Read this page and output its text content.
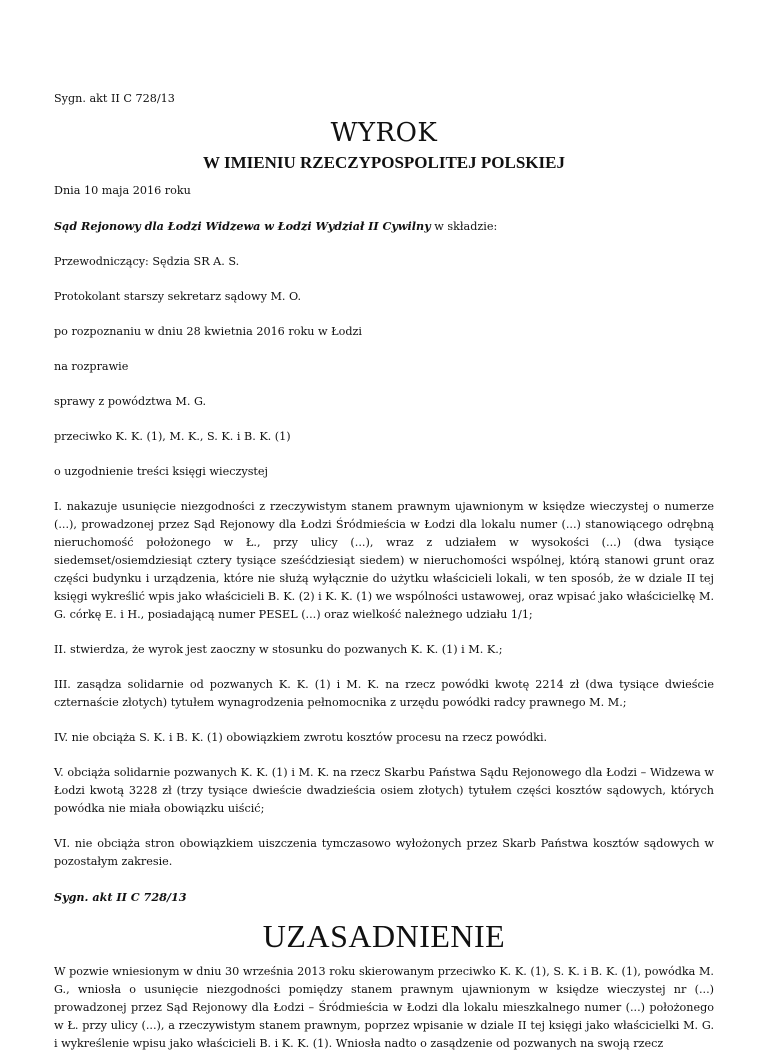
Sygn. akt II C 728/13

WYROK
W IMIENIU RZECZYPOSPOLITEJ POLSKIEJ

Dnia 10 maja 2016 roku

Sąd Rejonowy dla Łodzi Widzewa w Łodzi Wydział II Cywilny w składzie:

Przewodniczący: Sędzia SR A. S.

Protokolant starszy sekretarz sądowy M. O.

po rozpoznaniu w dniu 28 kwietnia 2016 roku w Łodzi

na rozprawie

sprawy z powództwa M. G.

przeciwko K. K. (1), M. K., S. K. i B. K. (1)

o uzgodnienie treści księgi wieczystej

I. nakazuje usunięcie niezgodności z rzeczywistym stanem prawnym ujawnionym w księdze wieczystej o numerze (...), prowadzonej przez Sąd Rejonowy dla Łodzi Śródmieścia w Łodzi dla lokalu numer (...) stanowiącego odrębną nieruchomość położonego w Ł., przy ulicy (...), wraz z udziałem w wysokości (...) (dwa tysiące siedemset/osiemdziesiąt cztery tysiące sześćdziesiąt siedem) w nieruchomości wspólnej, którą stanowi grunt oraz części budynku i urządzenia, które nie służą wyłącznie do użytku właścicieli lokali, w ten sposób, że w dziale II tej księgi wykreślić wpis jako właścicieli B. K. (2) i K. K. (1) we wspólności ustawowej, oraz wpisać jako właścicielkę M. G. córkę E. i H., posiadającą numer PESEL (...) oraz wielkość należnego udziału 1/1;

II. stwierdza, że wyrok jest zaoczny w stosunku do pozwanych K. K. (1) i M. K.;

III. zasądza solidarnie od pozwanych K. K. (1) i M. K. na rzecz powódki kwotę 2214 zł (dwa tysiące dwieście czternaście złotych) tytułem wynagrodzenia pełnomocnika z urzędu powódki radcy prawnego M. M.;

IV. nie obciąża S. K. i B. K. (1) obowiązkiem zwrotu kosztów procesu na rzecz powódki.

V. obciąża solidarnie pozwanych K. K. (1) i M. K. na rzecz Skarbu Państwa Sądu Rejonowego dla Łodzi – Widzewa w Łodzi kwotą 3228 zł (trzy tysiące dwieście dwadzieścia osiem złotych) tytułem części kosztów sądowych, których powódka nie miała obowiązku uiścić;

VI. nie obciąża stron obowiązkiem uiszczenia tymczasowo wyłożonych przez Skarb Państwa kosztów sądowych w pozostałym zakresie.

Sygn. akt II C 728/13

UZASADNIENIE

W pozwie wniesionym w dniu 30 września 2013 roku skierowanym przeciwko K. K. (1), S. K. i B. K. (1), powódka M. G., wniosła o usunięcie niezgodności pomiędzy stanem prawnym ujawnionym w księdze wieczystej nr (...) prowadzonej przez Sąd Rejonowy dla Łodzi – Śródmieścia w Łodzi dla lokalu mieszkalnego numer (...) położonego w Ł. przy ulicy (...), a rzeczywistym stanem prawnym, poprzez wpisanie w dziale II tej księgi jako właścicielki M. G. i wykreślenie wpisu jako właścicieli B. i K. K. (1). Wniosła nadto o zasądzenie od pozwanych na swoją rzecz
